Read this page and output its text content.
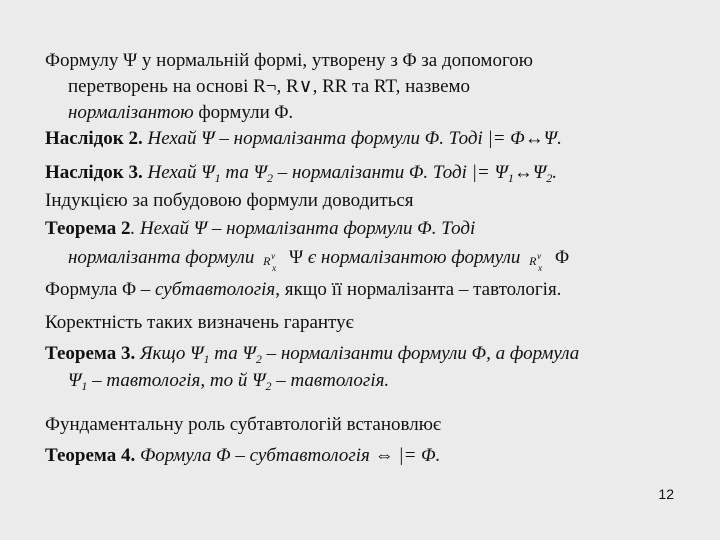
Формулу Ψ у нормальній формі, утворену з Φ за допомогою
перетворень на основі R¬, R∨, RR та RT, назвемо
нормалізантою формули Φ.
Наслідок 2. Нехай Ψ – нормалізанта формули Φ. Тоді |= Φ↔Ψ.
Наслідок 3. Нехай $\Psi_1$ та $\Psi_2$ – нормалізанти Φ. Тоді |= $\Psi_1\leftrightarrow\Psi_2$.
Індукцією за побудовою формули доводиться
Теорема 2. Нехай Ψ – нормалізанта формули Φ. Тоді
нормалізанта формули R v
x Ψ є нормалізантою формули R v
x Φ
Формула Φ – субтавтологія, якщо її нормалізанта – тавтологія.
Коректність таких визначень гарантує
Теорема 3. Якщо $\Psi_1$ та $\Psi_2$ – нормалізанти формули Φ, а формула
$\Psi_1$ – тавтологія, то й $\Psi_2$ – тавтологія.
Фундаментальну роль субтавтологій встановлює
Теорема 4. Формула Φ – субтавтологія ⇔ |= Φ.
12
